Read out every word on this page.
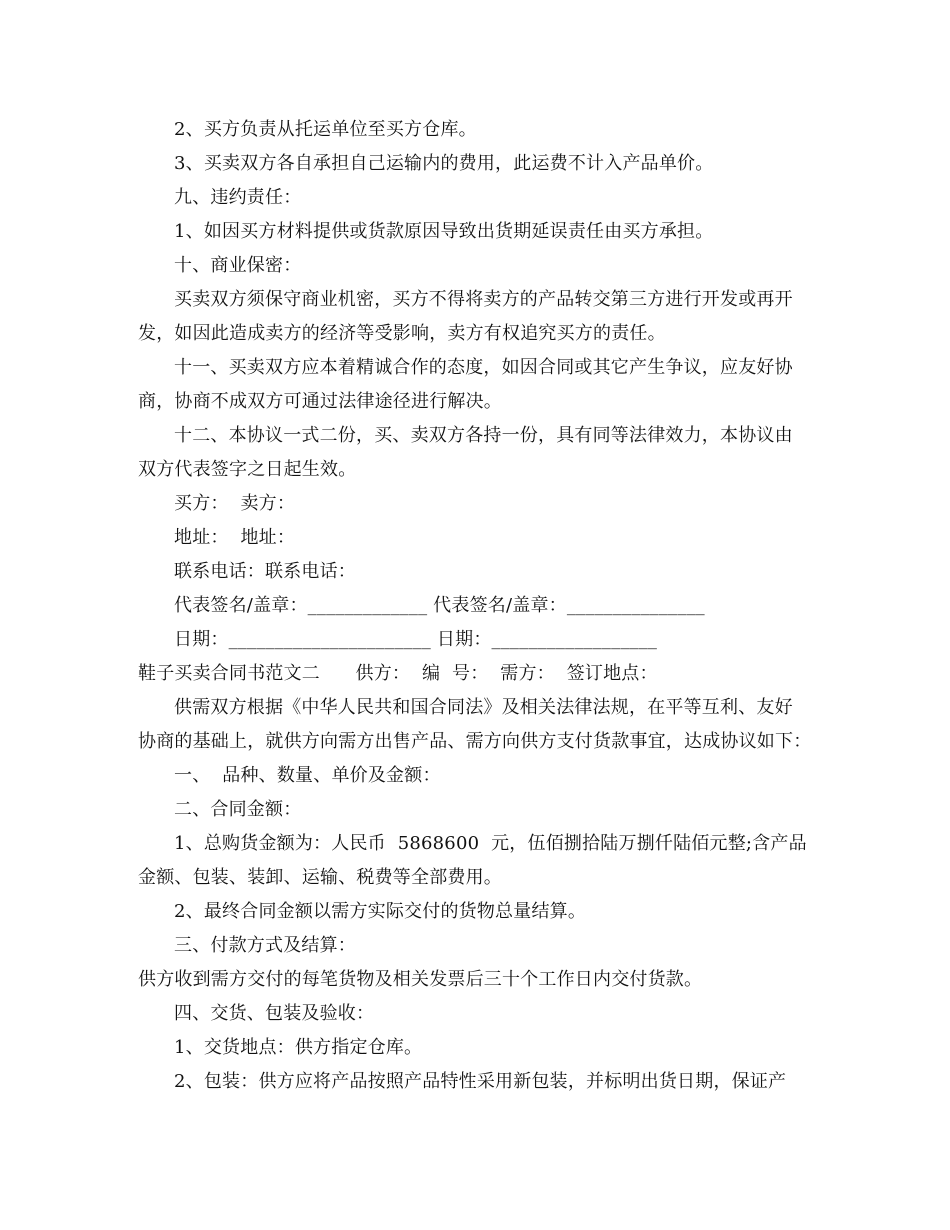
2、买方负责从托运单位至买方仓库。
3、买卖双方各自承担自己运输内的费用，此运费不计入产品单价。
九、违约责任：
1、如因买方材料提供或货款原因导致出货期延误责任由买方承担。
十、商业保密：
买卖双方须保守商业机密，买方不得将卖方的产品转交第三方进行开发或再开
发，如因此造成卖方的经济等受影响，卖方有权追究买方的责任。
十一、买卖双方应本着精诚合作的态度，如因合同或其它产生争议，应友好协
商，协商不成双方可通过法律途径进行解决。
十二、本协议一式二份，买、卖双方各持一份，具有同等法律效力，本协议由
双方代表签字之日起生效。
买方：  卖方：
地址：  地址：
联系电话：联系电话：
代表签名/盖章：_____________ 代表签名/盖章：_______________
日期：______________________ 日期：__________________
鞋子买卖合同书范文二      供方：  编  号：  需方：  签订地点：
供需双方根据《中华人民共和国合同法》及相关法律法规，在平等互利、友好
协商的基础上，就供方向需方出售产品、需方向供方支付货款事宜，达成协议如下：
一、  品种、数量、单价及金额：
二、合同金额：
1、总购货金额为：人民币  5868600  元，伍佰捌拾陆万捌仟陆佰元整;含产品
金额、包装、装卸、运输、税费等全部费用。
2、最终合同金额以需方实际交付的货物总量结算。
三、付款方式及结算：
供方收到需方交付的每笔货物及相关发票后三十个工作日内交付货款。
四、交货、包装及验收：
1、交货地点：供方指定仓库。
2、包装：供方应将产品按照产品特性采用新包装，并标明出货日期，保证产
